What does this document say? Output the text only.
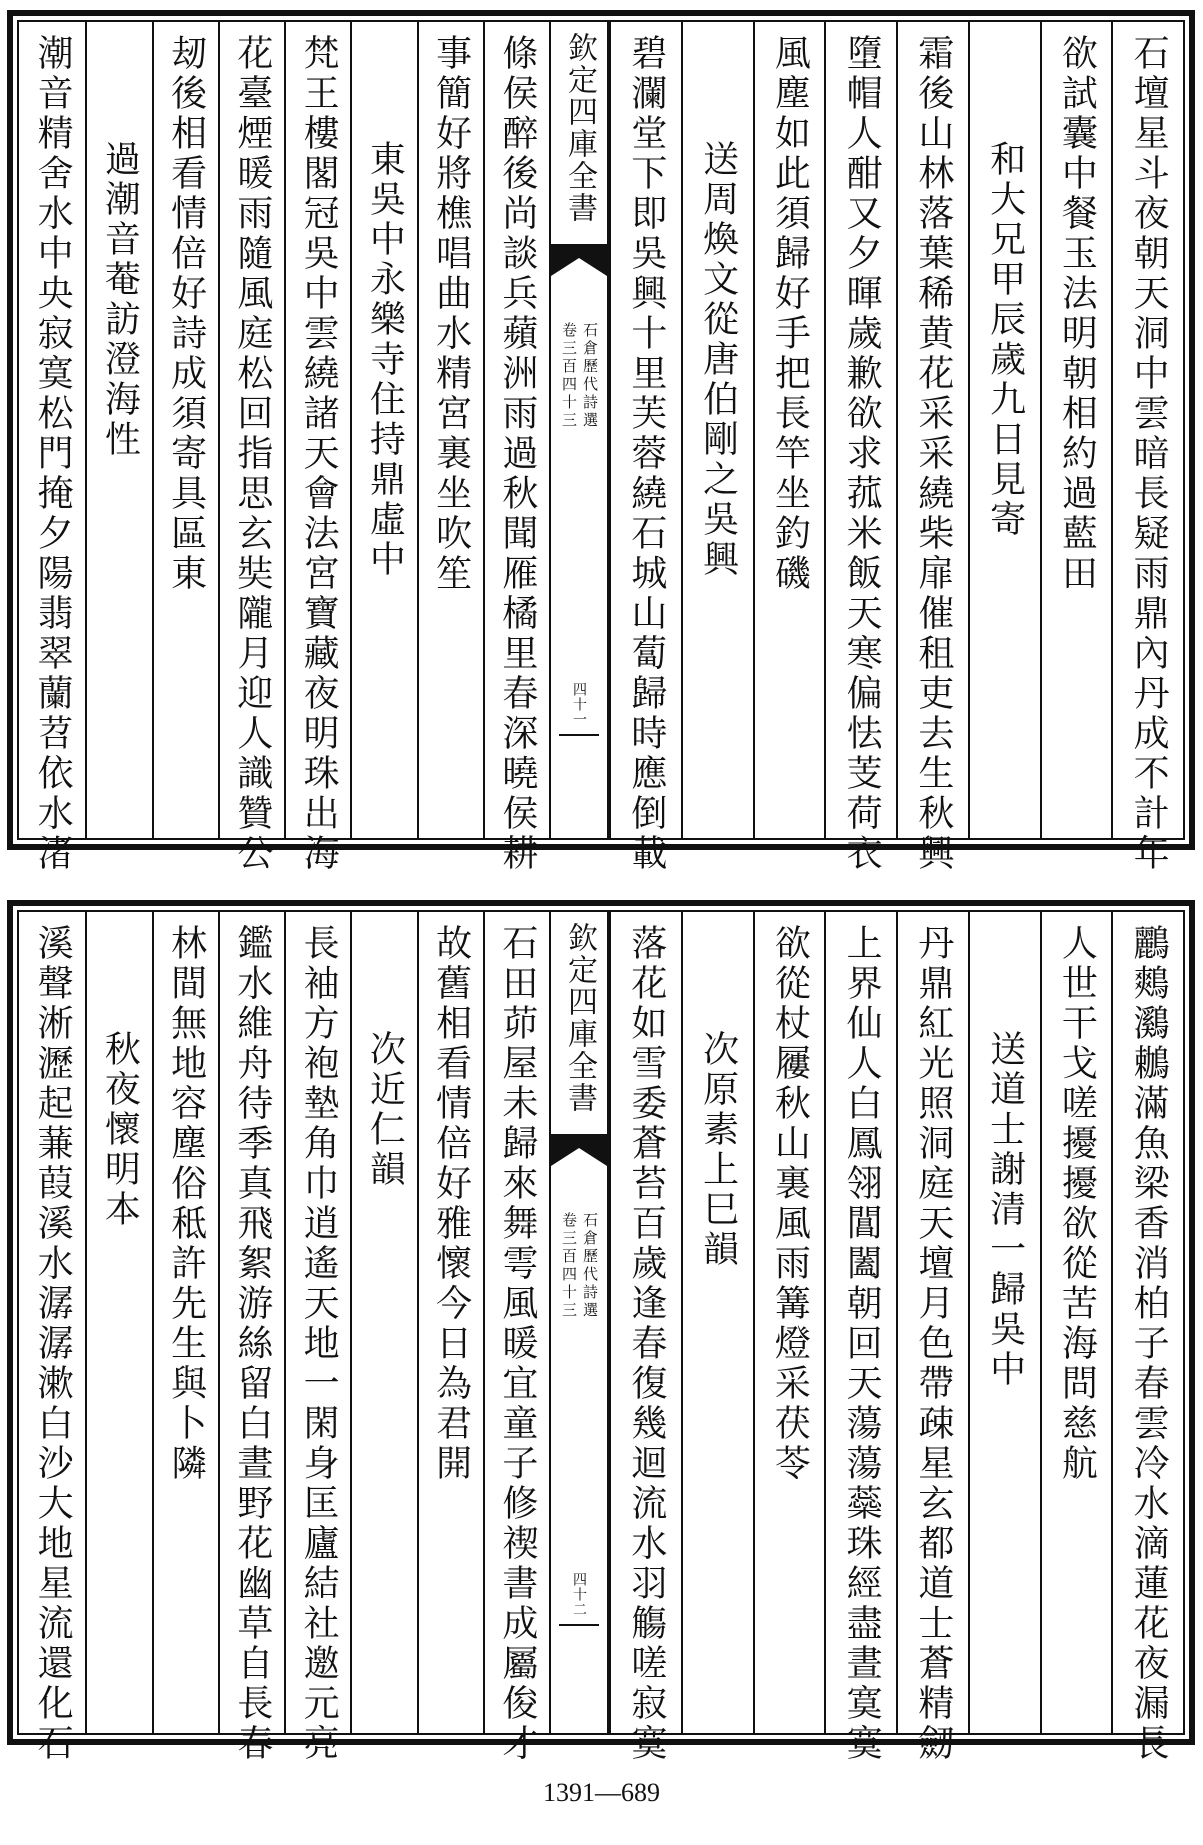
石壇星斗夜朝天洞中雲暗長疑雨鼎內丹成不計年
欲試囊中餐玉法明朝相約過藍田
和大兄甲辰歲九日見寄
霜後山林落葉稀黄花采采繞柴扉催租吏去生秋興
墮帽人酣又夕暉歲歉欲求菰米飯天寒偏怯芰荷衣
風塵如此須歸好手把長竿坐釣磯
送周煥文從唐伯剛之吳興
碧瀾堂下即吳興十里芙蓉繞石城山蔔歸時應倒載
條侯醉後尚談兵蘋洲雨過秋聞雁橘里春深曉侯耕
事簡好將樵唱曲水精宮裏坐吹笙
東吳中永樂寺住持鼎虛中
梵王樓閣冠吳中雲繞諸天會法宮寶藏夜明珠出海
花臺煙暖雨隨風庭松回指思玄奘隴月迎人識贊公
刼後相看情倍好詩成須寄具區東
過潮音菴訪澄海性
潮音精舍水中央寂寞松門掩夕陽翡翠蘭苕依水渚	欽定四庫全書
石倉歷代詩選
卷三百四十三
四十一
鸝鷞鸂鶒滿魚梁香消柏子春雲冷水滴蓮花夜漏長
人世干戈嗟擾擾欲從苦海問慈航
送道士謝清一歸吳中
丹鼎紅光照洞庭天壇月色帶疎星玄都道士蒼精劒
上界仙人白鳳翎閶闔朝回天蕩蕩蘂珠經盡晝寞寞
欲從杖屨秋山裏風雨篝燈采茯苓
次原素上巳韻
落花如雪委蒼苔百歲逢春復幾迴流水羽觴嗟寂寞
石田茆屋未歸來舞雩風暖宜童子修禊書成屬俊才
故舊相看情倍好雅懷今日為君開
次近仁韻
長袖方袍墊角巾逍遙天地一閑身匡廬結社邀元亮
鑑水維舟待季真飛絮游絲留白晝野花幽草自長春
林間無地容塵俗秪許先生與卜隣
秋夜懷明本
溪聲淅瀝起蒹葭溪水潺潺漱白沙大地星流還化石	欽定四庫全書
石倉歷代詩選
卷三百四十三
四十二
1391—689
